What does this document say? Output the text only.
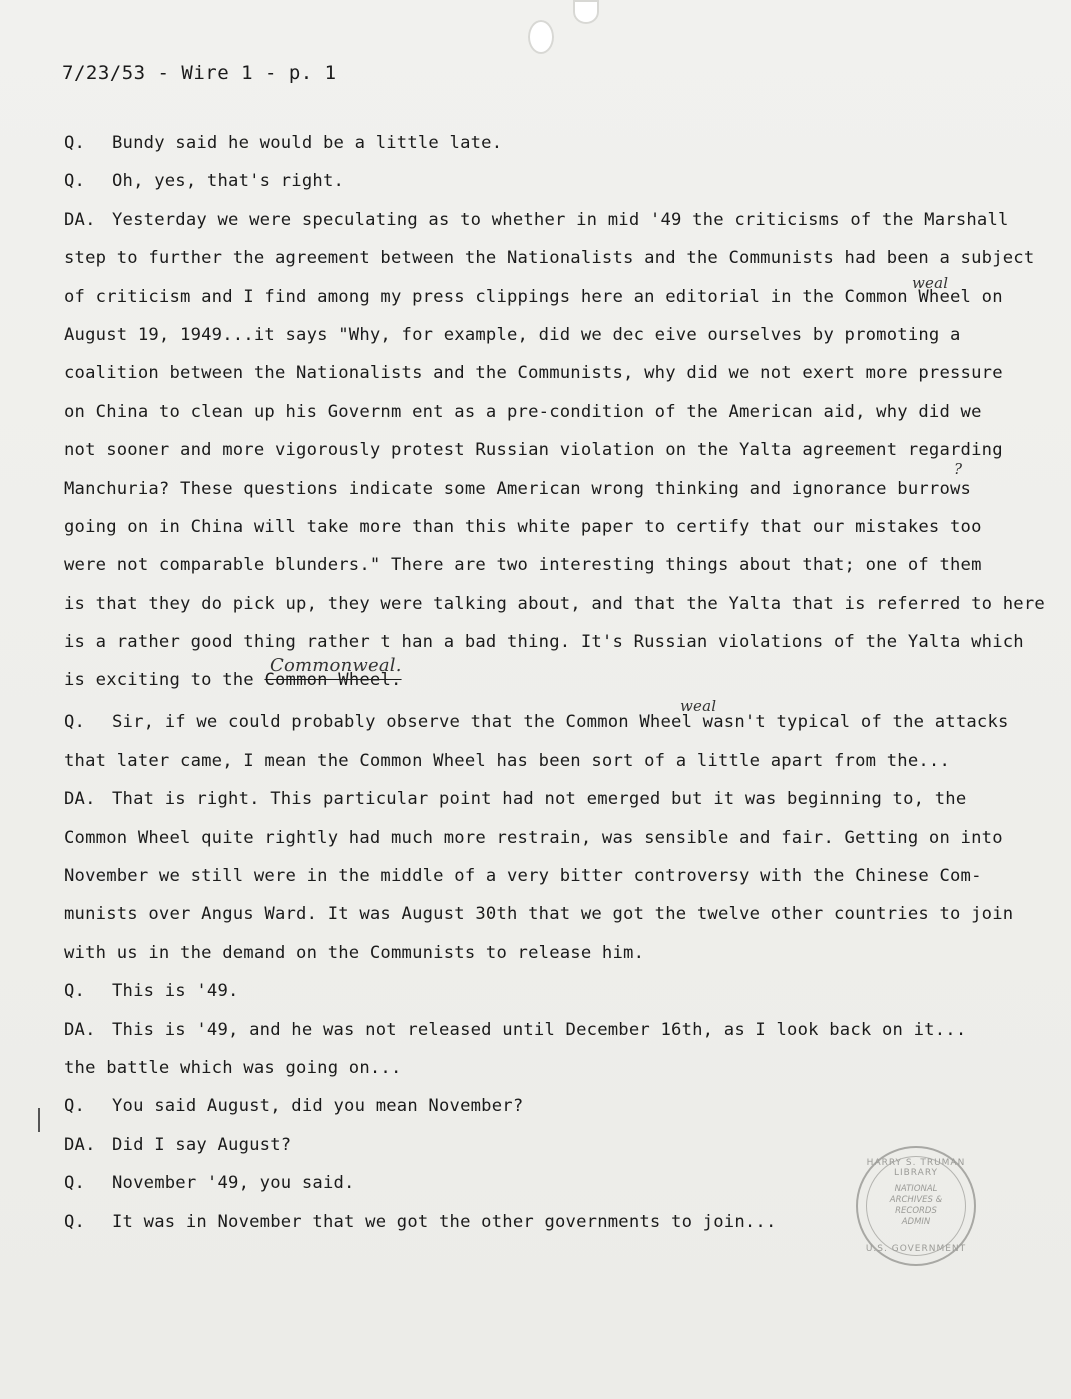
7/23/53 - Wire 1 - p. 1
Q. Bundy said he would be a little late.
Q. Oh, yes, that's right.
DA. Yesterday we were speculating as to whether in mid '49 the criticisms of the Marshall
step to further the agreement between the Nationalists and the Communists had been a subject
of criticism and I find among my press clippings here an editorial in the Common Wheel on
weal
August 19, 1949...it says "Why, for example, did we dec eive ourselves by promoting a
coalition between the Nationalists and the Communists, why did we not exert more pressure
on China to clean up his Governm ent as a pre-condition of the American aid, why did we
not sooner and more vigorously protest Russian violation on the Yalta agreement regarding
Manchuria? These questions indicate some American wrong thinking and ignorance burrows
?
going on in China will take more than this white paper to certify that our mistakes too
were not comparable blunders." There are two interesting things about that; one of them
is that they do pick up, they were talking about, and that the Yalta that is referred to here
is a rather good thing rather t han a bad thing. It's Russian violations of the Yalta which
is exciting to the Common Wheel.
Commonweal.
Q. Sir, if we could probably observe that the Common Wheel wasn't typical of the attacks
weal
that later came, I mean the Common Wheel has been sort of a little apart from the...
DA. That is right. This particular point had not emerged but it was beginning to, the
Common Wheel quite rightly had much more restrain, was sensible and fair. Getting on into
November we still were in the middle of a very bitter controversy with the Chinese Com-
munists over Angus Ward. It was August 30th that we got the twelve other countries to join
with us in the demand on the Communists to release him.
Q. This is '49.
DA. This is '49, and he was not released until December 16th, as I look back on it...
the battle which was going on...
Q. You said August, did you mean November?
DA. Did I say August?
Q. November '49, you said.
Q. It was in November that we got the other governments to join...
HARRY S. TRUMAN LIBRARY
NATIONAL
ARCHIVES &
RECORDS
ADMIN
U.S. GOVERNMENT
